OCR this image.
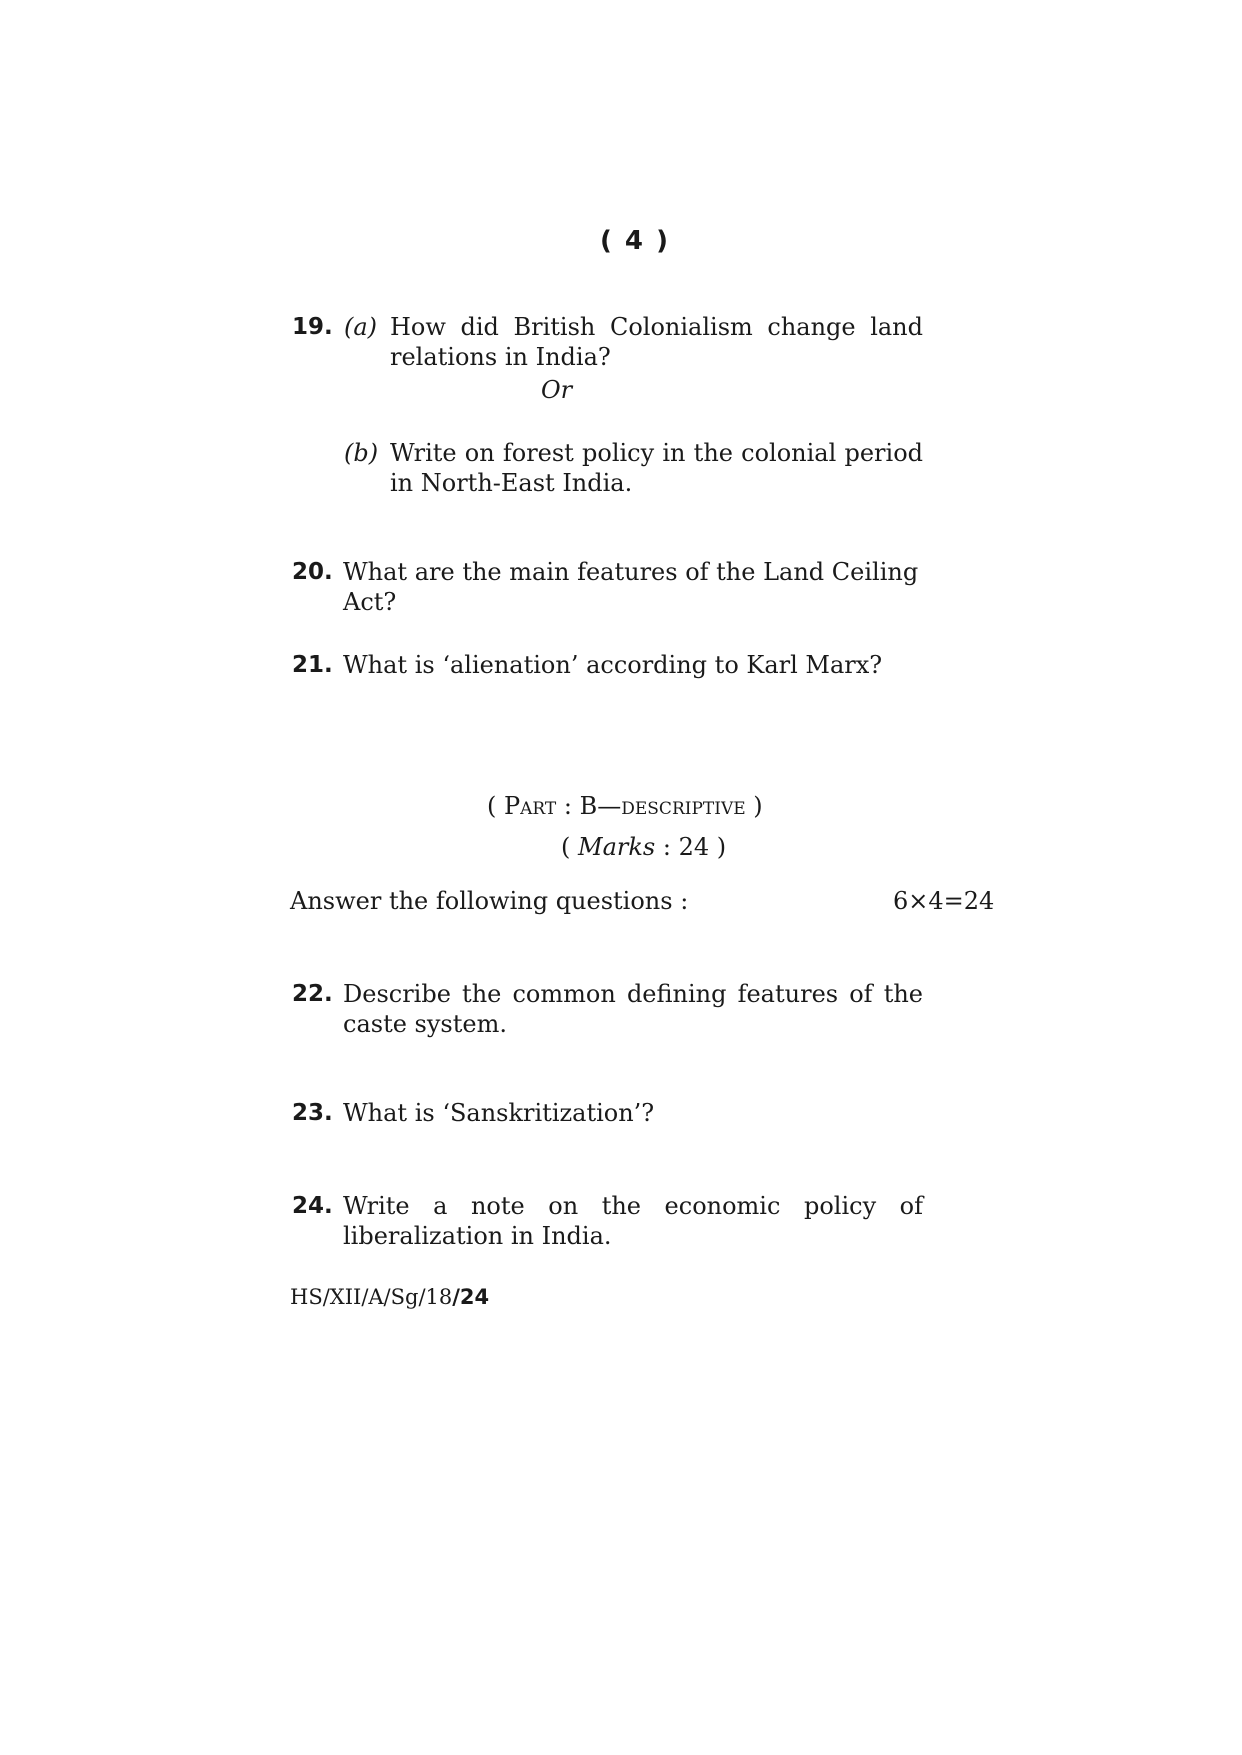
( 4 )
19. (a) How did British Colonialism change land relations in India?
Or
(b) Write on forest policy in the colonial period in North-East India.
20. What are the main features of the Land Ceiling Act?
21. What is ‘alienation’ according to Karl Marx?
( Part : B—descriptive )
( Marks : 24 )
Answer the following questions :	6×4=24
22. Describe the common defining features of the caste system.
23. What is ‘Sanskritization’?
24. Write a note on the economic policy of liberalization in India.
HS/XII/A/Sg/18/24
